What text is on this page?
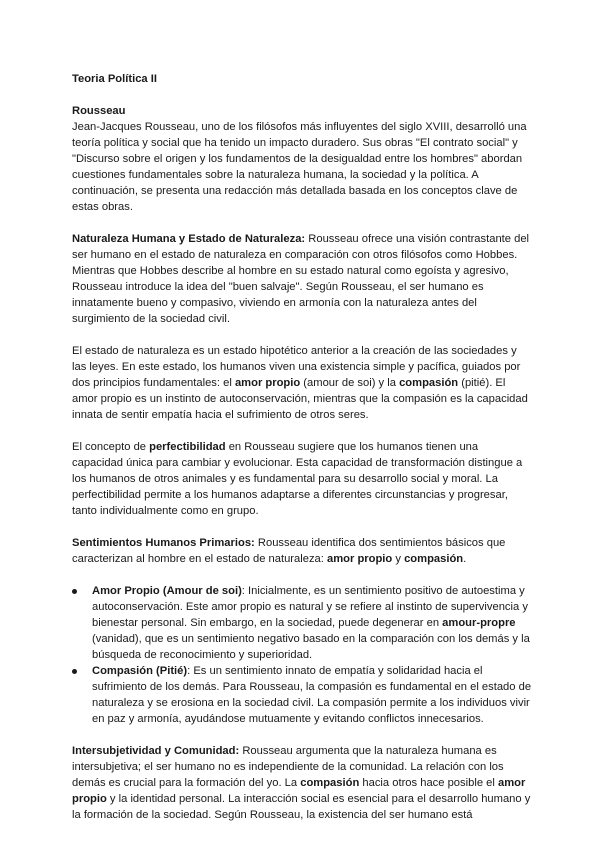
Teoria Política II

Rousseau
Jean-Jacques Rousseau, uno de los filósofos más influyentes del siglo XVIII, desarrolló una teoría política y social que ha tenido un impacto duradero. Sus obras "El contrato social" y "Discurso sobre el origen y los fundamentos de la desigualdad entre los hombres" abordan cuestiones fundamentales sobre la naturaleza humana, la sociedad y la política. A continuación, se presenta una redacción más detallada basada en los conceptos clave de estas obras.

Naturaleza Humana y Estado de Naturaleza: Rousseau ofrece una visión contrastante del ser humano en el estado de naturaleza en comparación con otros filósofos como Hobbes. Mientras que Hobbes describe al hombre en su estado natural como egoísta y agresivo, Rousseau introduce la idea del "buen salvaje". Según Rousseau, el ser humano es innatamente bueno y compasivo, viviendo en armonía con la naturaleza antes del surgimiento de la sociedad civil.

El estado de naturaleza es un estado hipotético anterior a la creación de las sociedades y las leyes. En este estado, los humanos viven una existencia simple y pacífica, guiados por dos principios fundamentales: el amor propio (amour de soi) y la compasión (pitié). El amor propio es un instinto de autoconservación, mientras que la compasión es la capacidad innata de sentir empatía hacia el sufrimiento de otros seres.

El concepto de perfectibilidad en Rousseau sugiere que los humanos tienen una capacidad única para cambiar y evolucionar. Esta capacidad de transformación distingue a los humanos de otros animales y es fundamental para su desarrollo social y moral. La perfectibilidad permite a los humanos adaptarse a diferentes circunstancias y progresar, tanto individualmente como en grupo.

Sentimientos Humanos Primarios: Rousseau identifica dos sentimientos básicos que caracterizan al hombre en el estado de naturaleza: amor propio y compasión.

Amor Propio (Amour de soi): Inicialmente, es un sentimiento positivo de autoestima y autoconservación. Este amor propio es natural y se refiere al instinto de supervivencia y bienestar personal. Sin embargo, en la sociedad, puede degenerar en amour-propre (vanidad), que es un sentimiento negativo basado en la comparación con los demás y la búsqueda de reconocimiento y superioridad.
Compasión (Pitié): Es un sentimiento innato de empatía y solidaridad hacia el sufrimiento de los demás. Para Rousseau, la compasión es fundamental en el estado de naturaleza y se erosiona en la sociedad civil. La compasión permite a los individuos vivir en paz y armonía, ayudándose mutuamente y evitando conflictos innecesarios.

Intersubjetividad y Comunidad: Rousseau argumenta que la naturaleza humana es intersubjetiva; el ser humano no es independiente de la comunidad. La relación con los demás es crucial para la formación del yo. La compasión hacia otros hace posible el amor propio y la identidad personal. La interacción social es esencial para el desarrollo humano y la formación de la sociedad. Según Rousseau, la existencia del ser humano está
